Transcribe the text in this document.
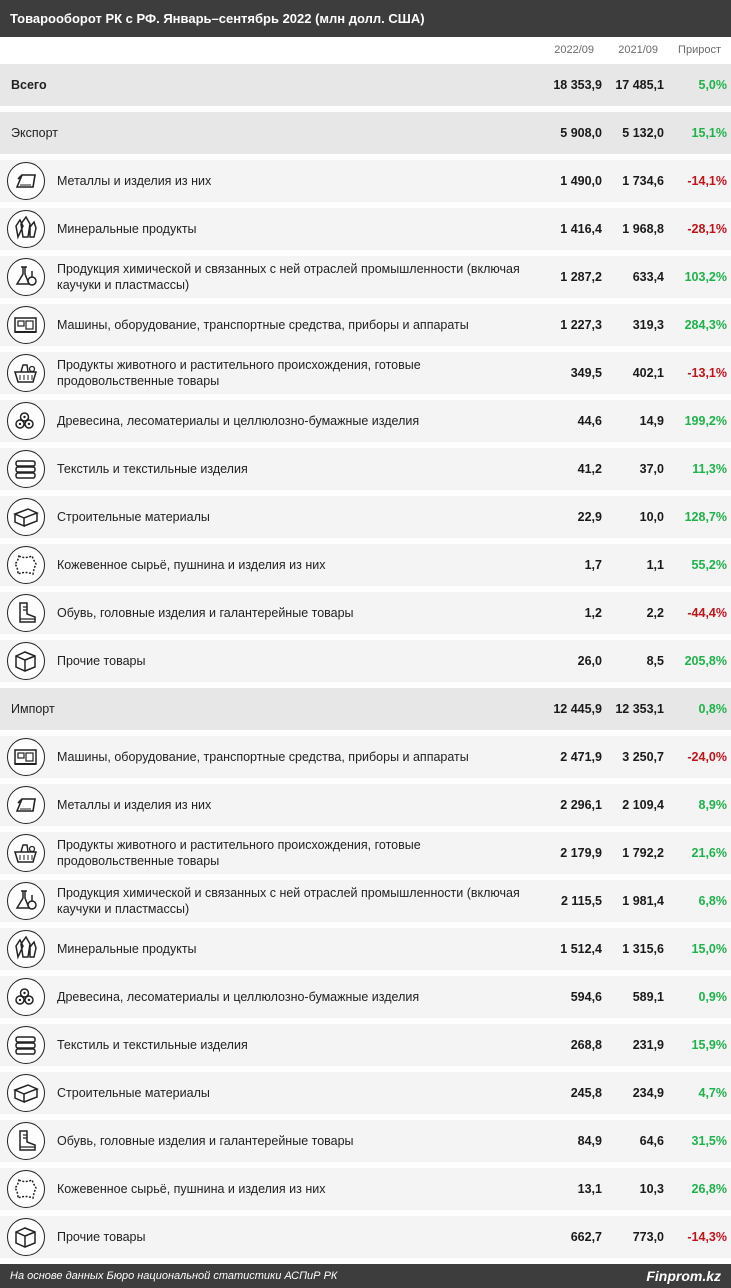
Товарооборот РК с РФ. Январь–сентябрь 2022 (млн долл. США)
2022/09	2021/09	Прирост
Всего	18 353,9	17 485,1	5,0%
Экспорт	5 908,0	5 132,0	15,1%
Металлы и изделия из них	1 490,0	1 734,6	-14,1%
Минеральные продукты	1 416,4	1 968,8	-28,1%
Продукция химической и связанных с ней отраслей промышленности (включая каучуки и пластмассы)
1 287,2	633,4	103,2%
Машины, оборудование, транспортные средства, приборы и аппараты	1 227,3	319,3	284,3%
Продукты животного и растительного происхождения, готовые продовольственные товары
349,5	402,1	-13,1%
Древесина, лесоматериалы и целлюлозно-бумажные изделия	44,6	14,9	199,2%
Текстиль и текстильные изделия	41,2	37,0	11,3%
Строительные материалы	22,9	10,0	128,7%
Кожевенное сырьё, пушнина и изделия из них	1,7	1,1	55,2%
Обувь, головные изделия и галантерейные товары	1,2	2,2	-44,4%
Прочие товары	26,0	8,5	205,8%
Импорт	12 445,9	12 353,1	0,8%
Машины, оборудование, транспортные средства, приборы и аппараты	2 471,9	3 250,7	-24,0%
Металлы и изделия из них	2 296,1	2 109,4	8,9%
Продукты животного и растительного происхождения, готовые продовольственные товары
2 179,9	1 792,2	21,6%
Продукция химической и связанных с ней отраслей промышленности (включая каучуки и пластмассы)
2 115,5	1 981,4	6,8%
Минеральные продукты	1 512,4	1 315,6	15,0%
Древесина, лесоматериалы и целлюлозно-бумажные изделия	594,6	589,1	0,9%
Текстиль и текстильные изделия	268,8	231,9	15,9%
Строительные материалы	245,8	234,9	4,7%
Обувь, головные изделия и галантерейные товары	84,9	64,6	31,5%
Кожевенное сырьё, пушнина и изделия из них	13,1	10,3	26,8%
Прочие товары	662,7	773,0	-14,3%
На основе данных Бюро национальной статистики АСПиР РК	Finprom.kz
